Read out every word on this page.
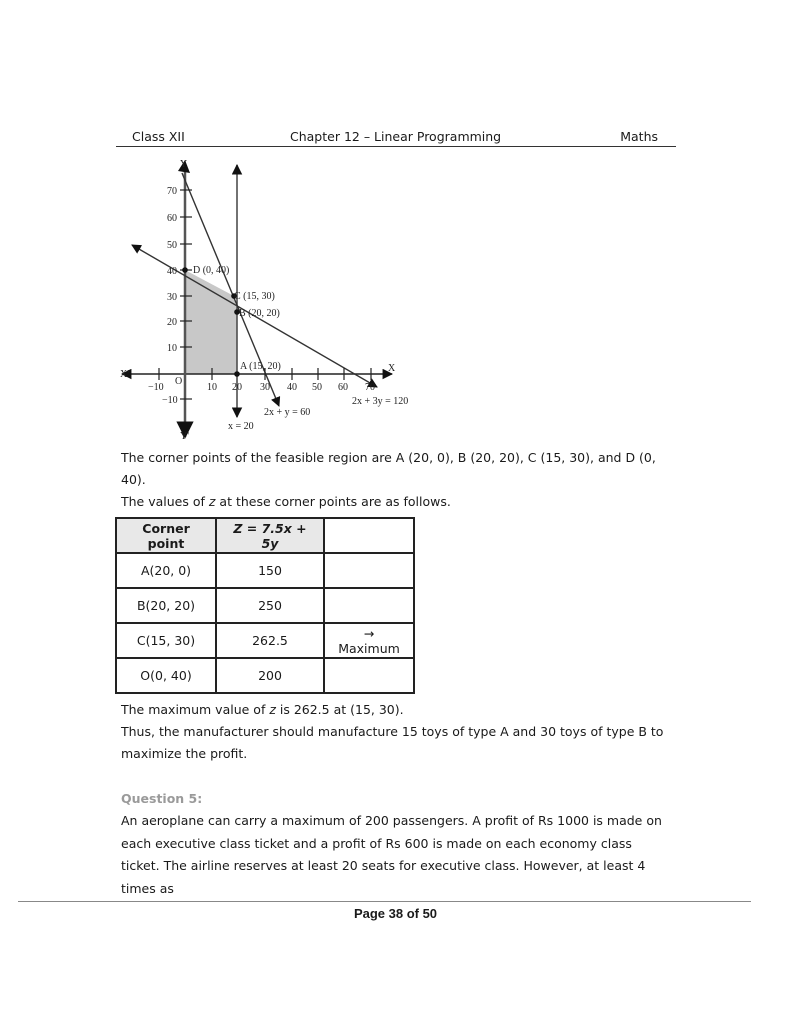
Class XII	Chapter 12 – Linear Programming	Maths
−10	10 20 30 40 50 60 70
70
60
50
40
30
20
10
−10
Y
Y'
X
X'
O
D (0, 40)
C (15, 30)
B (20, 20)
A (15, 20)
2x + y = 60
2x + 3y = 120
x = 20

The corner points of the feasible region are A (20, 0), B (20, 20), C (15, 30), and D (0, 40).

The values of z at these corner points are as follows.

Corner point	Z = 7.5x + 5y	
A(20, 0)	150	
B(20, 20)	250	
C(15, 30)	262.5	→ Maximum
O(0, 40)	200	

The maximum value of z is 262.5 at (15, 30).

Thus, the manufacturer should manufacture 15 toys of type A and 30 toys of type B to maximize the profit.

Question 5:

An aeroplane can carry a maximum of 200 passengers. A profit of Rs 1000 is made on each executive class ticket and a profit of Rs 600 is made on each economy class ticket. The airline reserves at least 20 seats for executive class. However, at least 4 times as

Page 38 of 50
